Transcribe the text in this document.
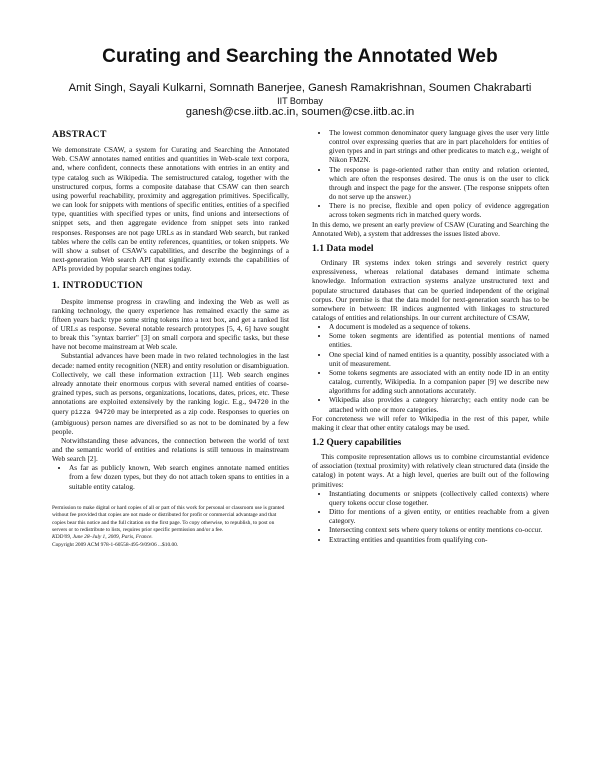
Curating and Searching the Annotated Web
Amit Singh, Sayali Kulkarni, Somnath Banerjee, Ganesh Ramakrishnan, Soumen Chakrabarti
IIT Bombay
ganesh@cse.iitb.ac.in, soumen@cse.iitb.ac.in
ABSTRACT

We demonstrate CSAW, a system for Curating and Searching the Annotated Web. CSAW annotates named entities and quantities in Web-scale text corpora, and, where confident, connects these annotations with entries in an entity and type catalog such as Wikipedia. The semistructured catalog, together with the unstructured corpus, forms a composite database that CSAW can then search using powerful reachability, proximity and aggregation primitives. Specifically, we can look for snippets with mentions of specific entities, entities of a specified type, quantities with specified types or units, find unions and intersections of snippet sets, and then aggregate evidence from snippet sets into ranked responses. Responses are not page URLs as in standard Web search, but ranked tables where the cells can be entity references, quantities, or token snippets. We will show a subset of CSAW's capabilities, and describe the beginnings of a next-generation Web search API that significantly extends the capabilities of APIs provided by popular search engines today.

1. INTRODUCTION

Despite immense progress in crawling and indexing the Web as well as ranking technology, the query experience has remained exactly the same as fifteen years back: type some string tokens into a text box, and get a ranked list of URLs as response. Several notable research prototypes [5, 4, 6] have sought to break this "syntax barrier" [3] on small corpora and specific tasks, but these have not become mainstream at Web scale.

Substantial advances have been made in two related technologies in the last decade: named entity recognition (NER) and entity resolution or disambiguation. Collectively, we call these information extraction [11]. Web search engines already annotate their enormous corpus with several named entities of coarse-grained types, such as persons, organizations, locations, dates, prices, etc. These annotations are exploited extensively by the ranking logic. E.g., 94720 in the query pizza 94720 may be interpreted as a zip code. Responses to queries on (ambiguous) person names are diversified so as not to be dominated by a few people.

Notwithstanding these advances, the connection between the world of text and the semantic world of entities and relations is still tenuous in mainstream Web search [2].

• As far as publicly known, Web search engines annotate named entities from a few dozen types, but they do not attach token spans to entities in a suitable entity catalog.

Permission to make digital or hard copies of all or part of this work for personal or classroom use is granted without fee provided that copies are not made or distributed for profit or commercial advantage and that copies bear this notice and the full citation on the first page. To copy otherwise, to republish, to post on servers or to redistribute to lists, requires prior specific permission and/or a fee.

KDD'09, June 28–July 1, 2009, Paris, France.

Copyright 2009 ACM 978-1-60558-495-9/09/06 ...$10.00.

• The lowest common denominator query language gives the user very little control over expressing queries that are in part placeholders for entities of given types and in part strings and other predicates to match e.g., weight of Nikon FM2N.
• The response is page-oriented rather than entity and relation oriented, which are often the responses desired. The onus is on the user to click through and inspect the page for the answer. (The response snippets often do not serve up the answer.)
• There is no precise, flexible and open policy of evidence aggregation across token segments rich in matched query words.

In this demo, we present an early preview of CSAW (Curating and Searching the Annotated Web), a system that addresses the issues listed above.

1.1 Data model

Ordinary IR systems index token strings and severely restrict query expressiveness, whereas relational databases demand intimate schema knowledge. Information extraction systems analyze unstructured text and populate structured databases that can be queried independent of the original corpus. Our premise is that the data model for next-generation search has to be somewhere in between: IR indices augmented with linkages to structured catalogs of entities and relationships. In our current architecture of CSAW,

• A document is modeled as a sequence of tokens.
• Some token segments are identified as potential mentions of named entities.
• One special kind of named entities is a quantity, possibly associated with a unit of measurement.
• Some tokens segments are associated with an entity node ID in an entity catalog, currently, Wikipedia. In a companion paper [9] we describe new algorithms for adding such annotations accurately.
• Wikipedia also provides a category hierarchy; each entity node can be attached with one or more categories.

For concreteness we will refer to Wikipedia in the rest of this paper, while making it clear that other entity catalogs may be used.

1.2 Query capabilities

This composite representation allows us to combine circumstantial evidence of association (textual proximity) with relatively clean structured data (inside the catalog) in potent ways. At a high level, queries are built out of the following primitives:

• Instantiating documents or snippets (collectively called contexts) where query tokens occur close together.
• Ditto for mentions of a given entity, or entities reachable from a given category.
• Intersecting context sets where query tokens or entity mentions co-occur.
• Extracting entities and quantities from qualifying con-
